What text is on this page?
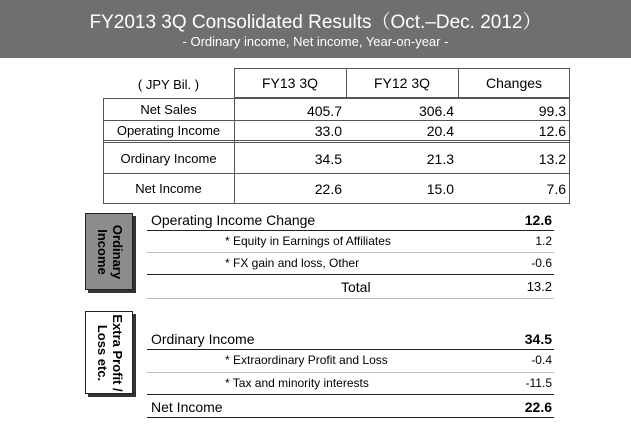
FY2013 3Q Consolidated Results（Oct.–Dec. 2012）
- Ordinary income, Net income, Year-on-year -
( JPY Bil. )	FY13 3Q	FY12 3Q	Changes
Net Sales	405.7	306.4	99.3
Operating Income	33.0	20.4	12.6
Ordinary Income	34.5	21.3	13.2
Net Income	22.6	15.0	7.6
Ordinary Income
Operating Income Change	12.6
* Equity in Earnings of Affiliates	1.2
* FX gain and loss, Other	-0.6
Total	13.2
Extra Profit / Loss etc.	Ordinary Income	34.5
* Extraordinary Profit and Loss	-0.4
* Tax and minority interests	-11.5
Net Income	22.6
